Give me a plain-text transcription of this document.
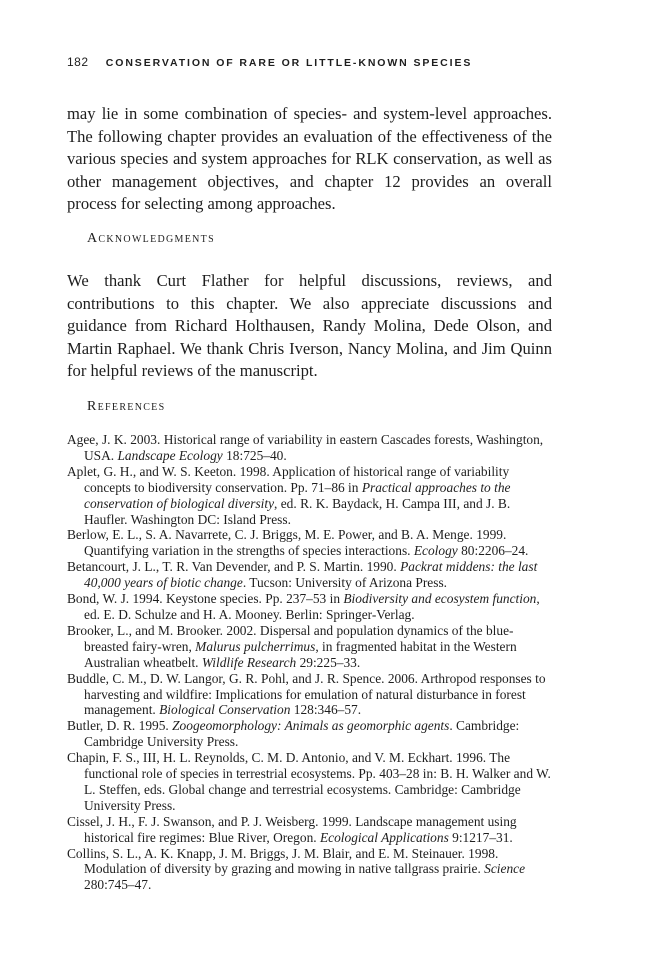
182 CONSERVATION OF RARE OR LITTLE-KNOWN SPECIES

may lie in some combination of species- and system-level approaches. The following chapter provides an evaluation of the effectiveness of the various species and system approaches for RLK conservation, as well as other management objectives, and chapter 12 provides an overall process for selecting among approaches.

Acknowledgments

We thank Curt Flather for helpful discussions, reviews, and contributions to this chapter. We also appreciate discussions and guidance from Richard Holthausen, Randy Molina, Dede Olson, and Martin Raphael. We thank Chris Iverson, Nancy Molina, and Jim Quinn for helpful reviews of the manuscript.

References

Agee, J. K. 2003. Historical range of variability in eastern Cascades forests, Washington, USA. Landscape Ecology 18:725–40.

Aplet, G. H., and W. S. Keeton. 1998. Application of historical range of variability concepts to biodiversity conservation. Pp. 71–86 in Practical approaches to the conservation of biological diversity, ed. R. K. Baydack, H. Campa III, and J. B. Haufler. Washington DC: Island Press.

Berlow, E. L., S. A. Navarrete, C. J. Briggs, M. E. Power, and B. A. Menge. 1999. Quantifying variation in the strengths of species interactions. Ecology 80:2206–24.

Betancourt, J. L., T. R. Van Devender, and P. S. Martin. 1990. Packrat middens: the last 40,000 years of biotic change. Tucson: University of Arizona Press.

Bond, W. J. 1994. Keystone species. Pp. 237–53 in Biodiversity and ecosystem function, ed. E. D. Schulze and H. A. Mooney. Berlin: Springer-Verlag.

Brooker, L., and M. Brooker. 2002. Dispersal and population dynamics of the blue-breasted fairy-wren, Malurus pulcherrimus, in fragmented habitat in the Western Australian wheatbelt. Wildlife Research 29:225–33.

Buddle, C. M., D. W. Langor, G. R. Pohl, and J. R. Spence. 2006. Arthropod responses to harvesting and wildfire: Implications for emulation of natural disturbance in forest management. Biological Conservation 128:346–57.

Butler, D. R. 1995. Zoogeomorphology: Animals as geomorphic agents. Cambridge: Cambridge University Press.

Chapin, F. S., III, H. L. Reynolds, C. M. D. Antonio, and V. M. Eckhart. 1996. The functional role of species in terrestrial ecosystems. Pp. 403–28 in: B. H. Walker and W. L. Steffen, eds. Global change and terrestrial ecosystems. Cambridge: Cambridge University Press.

Cissel, J. H., F. J. Swanson, and P. J. Weisberg. 1999. Landscape management using historical fire regimes: Blue River, Oregon. Ecological Applications 9:1217–31.

Collins, S. L., A. K. Knapp, J. M. Briggs, J. M. Blair, and E. M. Steinauer. 1998. Modulation of diversity by grazing and mowing in native tallgrass prairie. Science 280:745–47.
